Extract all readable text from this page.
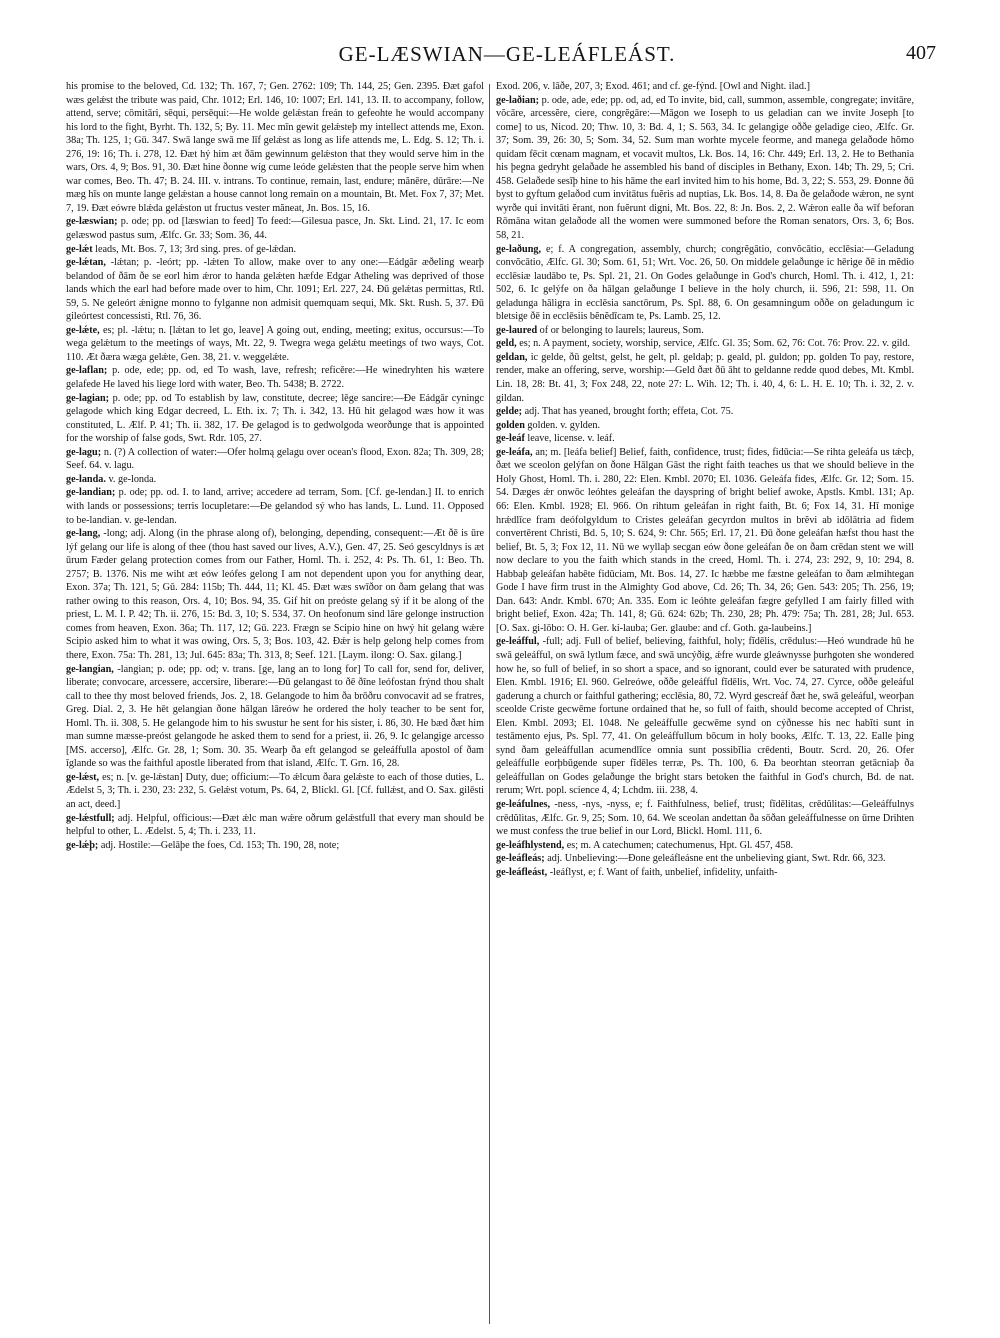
GE-LÆSWIAN—GE-LEÁFLEÁST.	407

his promise to the beloved, Cd. 132; Th. 167, 7; Gen. 2762: 109; Th. 144, 25; Gen. 2395. Ðæt gafol wæs gelǽst the tribute was paid, Chr. 1012; Erl. 146, 10: 1007; Erl. 141, 13. II. to accompany, follow, attend, serve; cōmitāri, sēqui, persēqui:—He wolde gelǽstan freán to gefeohte he would accompany his lord to the fight, Byrht. Th. 132, 5; By. 11. Mec mīn gewit gelǽsteþ my intellect attends me, Exon. 38a; Th. 125, 1; Gū. 347. Swā lange swā me līf gelǽst as long as life attends me, L. Edg. S. 12; Th. i. 276, 19: 16; Th. i. 278, 12. Ðæt hý him æt ðām gewinnum gelǽston that they would serve him in the wars, Ors. 4, 9; Bos. 91, 30. Ðæt hine ðonne wíg cume leóde gelǽsten that the people serve him when war comes, Beo. Th. 47; B. 24. III. v. intrans. To continue, remain, last, endure; mănēre, dūrāre:—Ne mæg hīs on munte lange gelǽstan a house cannot long remain on a mountain, Bt. Met. Fox 7, 37; Met. 7, 19. Ðæt eówre blǽda gelǽston ut fructus vester măneat, Jn. Bos. 15, 16.

ge-læswian; p. ode; pp. od [læswian to feed] To feed:—Gilesua pasce, Jn. Skt. Lind. 21, 17. Ic eom gelæswod pastus sum, Ælfc. Gr. 33; Som. 36, 44.

ge-lǽt leads, Mt. Bos. 7, 13; 3rd sing. pres. of ge-lǽdan.

ge-lǽtan, -lǽtan; p. -leórt; pp. -lǽten To allow, make over to any one:—Eádgār æðeling wearþ belandod of ðām ðe se eorl him ǽror to handa gelǽten hæfde Edgar Atheling was deprived of those lands which the earl had before made over to him, Chr. 1091; Erl. 227, 24. Ðū gelǽtas permittas, Rtl. 59, 5. Ne geleórt ǽnigne monno to fylganne non admisit quemquam sequi, Mk. Skt. Rush. 5, 37. Ðū gileórtest concessisti, Rtl. 76, 36.

ge-lǽte, es; pl. -lǽtu; n. [lǽtan to let go, leave] A going out, ending, meeting; exitus, occursus:—To wega gelǽtum to the meetings of ways, Mt. 22, 9. Twegra wega gelǽtu meetings of two ways, Cot. 110. Æt ðæra wæga gelǽte, Gen. 38, 21. v. weggelǽte.

ge-laflan; p. ode, ede; pp. od, ed To wash, lave, refresh; reficěre:—He winedryhten his wætere gelafede He laved his liege lord with water, Beo. Th. 5438; B. 2722.

ge-lagian; p. ode; pp. od To establish by law, constitute, decree; lēge sancire:—Ðe Eádgār cyningc gelagode which king Edgar decreed, L. Eth. ix. 7; Th. i. 342, 13. Hū hit gelagod wæs how it was constituted, L. Ælf. P. 41; Th. ii. 382, 17. Ðe gelagod is to gedwolgoda weorðunge that is appointed for the worship of false gods, Swt. Rdr. 105, 27.

ge-lagu; n. (?) A collection of water:—Ofer holmą gelagu over ocean's flood, Exon. 82a; Th. 309, 28; Seef. 64. v. lagu.

ge-landa. v. ge-londa.

ge-landian; p. ode; pp. od. I. to land, arrive; accedere ad terram, Som. [Cf. ge-lendan.] II. to enrich with lands or possessions; terris locupletare:—Ðe gelandod sý who has lands, L. Lund. 11. Opposed to be-landian. v. ge-lendan.

ge-lang, -long; adj. Along (in the phrase along of), belonging, depending, consequent:—Æt ðē is ūre lýf gelang our life is along of thee (thou hast saved our lives, A.V.), Gen. 47, 25. Seó gescyldnys is æt ūrum Fæder gelang protection comes from our Father, Homl. Th. i. 252, 4: Ps. Th. 61, 1: Beo. Th. 2757; B. 1376. Nis me wiht æt eów leófes gelong I am not dependent upon you for anything dear, Exon. 37a; Th. 121, 5; Gū. 284: 115b; Th. 444, 11; Kl. 45. Ðæt wæs swīðor on ðam gelang that was rather owing to this reason, Ors. 4, 10; Bos. 94, 35. Gif hit on preóste gelang sý if it be along of the priest, L. M. I. P. 42; Th. ii. 276, 15: Bd. 3, 10; S. 534, 37. On heofonum sind lāre gelonge instruction comes from heaven, Exon. 36a; Th. 117, 12; Gū. 223. Frægn se Scipio hine on hwý hit gelang wǽre Scipio asked him to what it was owing, Ors. 5, 3; Bos. 103, 42. Ðǽr is help gelong help comes from there, Exon. 75a: Th. 281, 13; Jul. 645: 83a; Th. 313, 8; Seef. 121. [Laym. ilong: O. Sax. gilang.]

ge-langian, -langian; p. ode; pp. od; v. trans. [ge, lang an to long for] To call for, send for, deliver, liberate; convocare, arcessere, accersire, liberare:—Ðū gelangast to ðē ðīne leófostan frýnd thou shalt call to thee thy most beloved friends, Jos. 2, 18. Gelangode to him ða brōðru convocavit ad se fratres, Greg. Dial. 2, 3. He hēt gelangian ðone hālgan lāreów he ordered the holy teacher to be sent for, Homl. Th. ii. 308, 5. He gelangode him to his swustur he sent for his sister, i. 86, 30. He bæd ðæt him man sumne mæsse-preóst gelangode he asked them to send for a priest, ii. 26, 9. Ic gelangige arcesso [MS. accerso], Ælfc. Gr. 28, 1; Som. 30. 35. Wearþ ða eft gelangod se geleáffulla apostol of ðam īglande so was the faithful apostle liberated from that island, Ælfc. T. Grn. 16, 28.

ge-lǽst, es; n. [v. ge-lǽstan] Duty, due; officium:—To ǽlcum ðara gelǽste to each of those duties, L. Ædelst 5, 3; Th. i. 230, 23: 232, 5. Gelǽst votum, Ps. 64, 2, Blickl. Gl. [Cf. fullǽst, and O. Sax. gilēsti an act, deed.]

ge-lǽstfull; adj. Helpful, officious:—Ðæt ǽlc man wǽre oðrum gelǽstfull that every man should be helpful to other, L. Ædelst. 5, 4; Th. i. 233, 11.

ge-lǽþ; adj. Hostile:—Gelāþe the foes, Cd. 153; Th. 190, 28, note;

Exod. 206, v. lāðe, 207, 3; Exod. 461; and cf. ge-fýnd. [Owl and Night. ilad.]

ge-laðian; p. ode, ade, ede; pp. od, ad, ed To invite, bid, call, summon, assemble, congregate; invitāre, vŏcāre, arcessĕre, ciere, congrĕgāre:—Māgon we Ioseph to us geladian can we invite Joseph [to come] to us, Nicod. 20; Thw. 10, 3: Bd. 4, 1; S. 563, 34. Ic gelangige oððe geladige cieo, Ælfc. Gr. 37; Som. 39, 26: 30, 5; Som. 34, 52. Sum man worhte mycele feorme, and manega gelaðode hŏmo quidam fēcit cœnam magnam, et vocavit multos, Lk. Bos. 14, 16: Chr. 449; Erl. 13, 2. He to Bethania his þegna gedryht gelaðade he assembled his band of disciples in Bethany, Exon. 14b; Th. 29, 5; Cri. 458. Gelaðede sesīþ hine to his hāme the earl invited him to his home, Bd. 3, 22; S. 553, 29. Ðonne ðū byst to gyftum gelaðod cum invitātus fuĕris ad nuptias, Lk. Bos. 14, 8. Ða ðe gelaðode wǽron, ne synt wyrðe qui invitāti ĕrant, non fuĕrunt digni, Mt. Bos. 22, 8: Jn. Bos. 2, 2. Wǽron ealle ða wīf beforan Rōmāna witan gelaðode all the women were summoned before the Roman senators, Ors. 3, 6; Bos. 58, 21.

ge-laðung, e; f. A congregation, assembly, church; congrĕgātio, convŏcātio, ecclēsia:—Geladung convŏcātio, Ælfc. Gl. 30; Som. 61, 51; Wrt. Voc. 26, 50. On middele gelaðunge ic hērige ðē in mĕdio ecclēsiæ laudābo te, Ps. Spl. 21, 21. On Godes gelaðunge in God's church, Homl. Th. i. 412, 1, 21: 502, 6. Ic gelýfe on ða hālgan gelaðunge I believe in the holy church, ii. 596, 21: 598, 11. On geladunga hāligra in ecclēsia sanctōrum, Ps. Spl. 88, 6. On gesamningum oððe on geladungum ic bletsige ðē in ecclēsiis bĕnĕdīcam te, Ps. Lamb. 25, 12.

ge-laured of or belonging to laurels; laureus, Som.

geld, es; n. A payment, society, worship, service, Ælfc. Gl. 35; Som. 62, 76: Cot. 76: Prov. 22. v. gild.

geldan, ic gelde, ðū geltst, gelst, he gelt, pl. geldaþ; p. geald, pl. guldon; pp. golden To pay, restore, render, make an offering, serve, worship:—Geld ðæt ðū āht to geldanne redde quod debes, Mt. Kmbl. Lin. 18, 28: Bt. 41, 3; Fox 248, 22, note 27: L. Wih. 12; Th. i. 40, 4, 6: L. H. E. 10; Th. i. 32, 2. v. gildan.

gelde; adj. That has yeaned, brought forth; effeta, Cot. 75.

golden golden. v. gylden.

ge-leáf leave, license. v. leáf.

ge-leáfa, an; m. [leáfa belief] Belief, faith, confidence, trust; fides, fidūcia:—Se rihta geleáfa us tǽcþ, ðæt we sceolon gelýfan on ðone Hālgan Gāst the right faith teaches us that we should believe in the Holy Ghost, Homl. Th. i. 280, 22: Elen. Kmbl. 2070; El. 1036. Geleáfa fides, Ælfc. Gr. 12; Som. 15. 54. Dæges ǽr onwōc leóhtes geleáfan the dayspring of bright belief awoke, Apstls. Kmbl. 131; Ap. 66: Elen. Kmbl. 1928; El. 966. On rihtum geleáfan in right faith, Bt. 6; Fox 14, 31. Hī monige hrǽdlīce fram deófolgyldum to Cristes geleáfan gecyrdon multos in brĕvi ab idōlātria ad fidem convertērent Christi, Bd. 5, 10; S. 624, 9: Chr. 565; Erl. 17, 21. Ðū ðone geleáfan hæfst thou hast the belief, Bt. 5, 3; Fox 12, 11. Nū we wyllaþ secgan eów ðone geleáfan ðe on ðam crēdan stent we will now declare to you the faith which stands in the creed, Homl. Th. i. 274, 23: 292, 9, 10: 294, 8. Habbaþ geleáfan habēte fidūciam, Mt. Bos. 14, 27. Ic hæbbe me fæstne geleáfan to ðam ælmihtegan Gode I have firm trust in the Almighty God above, Cd. 26; Th. 34, 26; Gen. 543: 205; Th. 256, 19; Dan. 643: Andr. Kmbl. 670; An. 335. Eom ic leóhte geleáfan fægre gefylled I am fairly filled with bright belief, Exon. 42a; Th. 141, 8; Gū. 624: 62b; Th. 230, 28; Ph. 479: 75a; Th. 281, 28; Jul. 653. [O. Sax. gi-lōbo: O. H. Ger. ki-lauba; Ger. glaube: and cf. Goth. ga-laubeins.]

ge-leáfful, -full; adj. Full of belief, believing, faithful, holy; fĭdēlis, crēdulus:—Heó wundrade hū he swā geleáfful, on swā lytlum fæce, and swā uncýðig, ǽfre wurde gleáwnysse þurhgoten she wondered how he, so full of belief, in so short a space, and so ignorant, could ever be saturated with prudence, Elen. Kmbl. 1916; El. 960. Gelreówe, oððe geleáfful fĭdēlis, Wrt. Voc. 74, 27. Cyrce, oððe geleáful gaderung a church or faithful gathering; ecclēsia, 80, 72. Wyrd gescreáf ðæt he, swā geleáful, weorþan sceolde Criste gecwēme fortune ordained that he, so full of faith, should become accepted of Christ, Elen. Kmbl. 2093; El. 1048. Ne geleáffulle gecwēme synd on cýðnesse his nec habĭti sunt in testāmento ejus, Ps. Spl. 77, 41. On geleáffullum bōcum in holy books, Ælfc. T. 13, 22. Ealle þing synd ðam geleáffullan acumendlīce omnia sunt possibĭlia crēdenti, Boutr. Scrd. 20, 26. Ofer geleáffulle eorþbūgende super fĭdēles terræ, Ps. Th. 100, 6. Ða beorhtan steorran getācniaþ ða geleáffullan on Godes gelaðunge the bright stars betoken the faithful in God's church, Bd. de nat. rerum; Wrt. popl. science 4, 4; Lchdm. iii. 238, 4.

ge-leáfulnes, -ness, -nys, -nyss, e; f. Faithfulness, belief, trust; fīdēlitas, crēdŭlitas:—Geleáffulnys crēdŭlitas, Ælfc. Gr. 9, 25; Som. 10, 64. We sceolan andettan ða sōðan geleáffulnesse on ūrne Drihten we must confess the true belief in our Lord, Blickl. Homl. 111, 6.

ge-leáfhlystend, es; m. A catechumen; catechumenus, Hpt. Gl. 457, 458.

ge-leáfleás; adj. Unbelieving:—Ðone geleáfleásne ent the unbelieving giant, Swt. Rdr. 66, 323.

ge-leáfleást, -leáflyst, e; f. Want of faith, unbelief, infidelity, unfaith-
